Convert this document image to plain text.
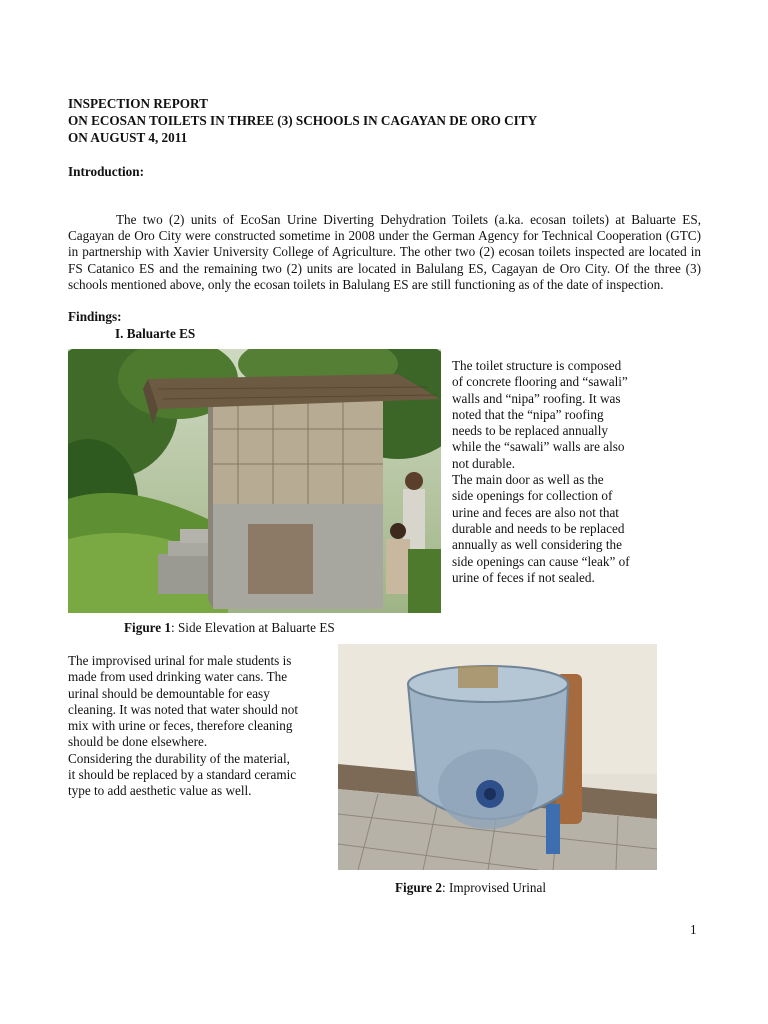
INSPECTION REPORT
ON ECOSAN TOILETS IN THREE (3) SCHOOLS IN CAGAYAN DE ORO CITY
ON AUGUST 4, 2011
Introduction:
The two (2) units of EcoSan Urine Diverting Dehydration Toilets (a.ka. ecosan toilets) at Baluarte ES, Cagayan de Oro City were constructed sometime in 2008 under the German Agency for Technical Cooperation (GTC) in partnership with Xavier University College of Agriculture. The other two (2) ecosan toilets inspected are located in FS Catanico ES and the remaining two (2) units are located in Balulang ES, Cagayan de Oro City. Of the three (3) schools mentioned above, only the ecosan toilets in Balulang ES are still functioning as of the date of inspection.
Findings:
I. Baluarte ES
The toilet structure is composed
of concrete flooring and “sawali”
walls and “nipa” roofing. It was
noted that the “nipa” roofing
needs to be replaced annually
while the “sawali” walls are also
not durable.
The main door as well as the
side openings for collection of
urine and feces are also not that
durable and needs to be replaced
annually as well considering the
side openings can cause “leak” of
urine of feces if not sealed.
Figure 1: Side Elevation at Baluarte ES
The improvised urinal for male students is
made from used drinking water cans. The
urinal should be demountable for easy
cleaning. It was noted that water should not
mix with urine or feces, therefore cleaning
should be done elsewhere.
Considering the durability of the material,
it should be replaced by a standard ceramic
type to add aesthetic value as well.
Figure 2: Improvised Urinal
1
